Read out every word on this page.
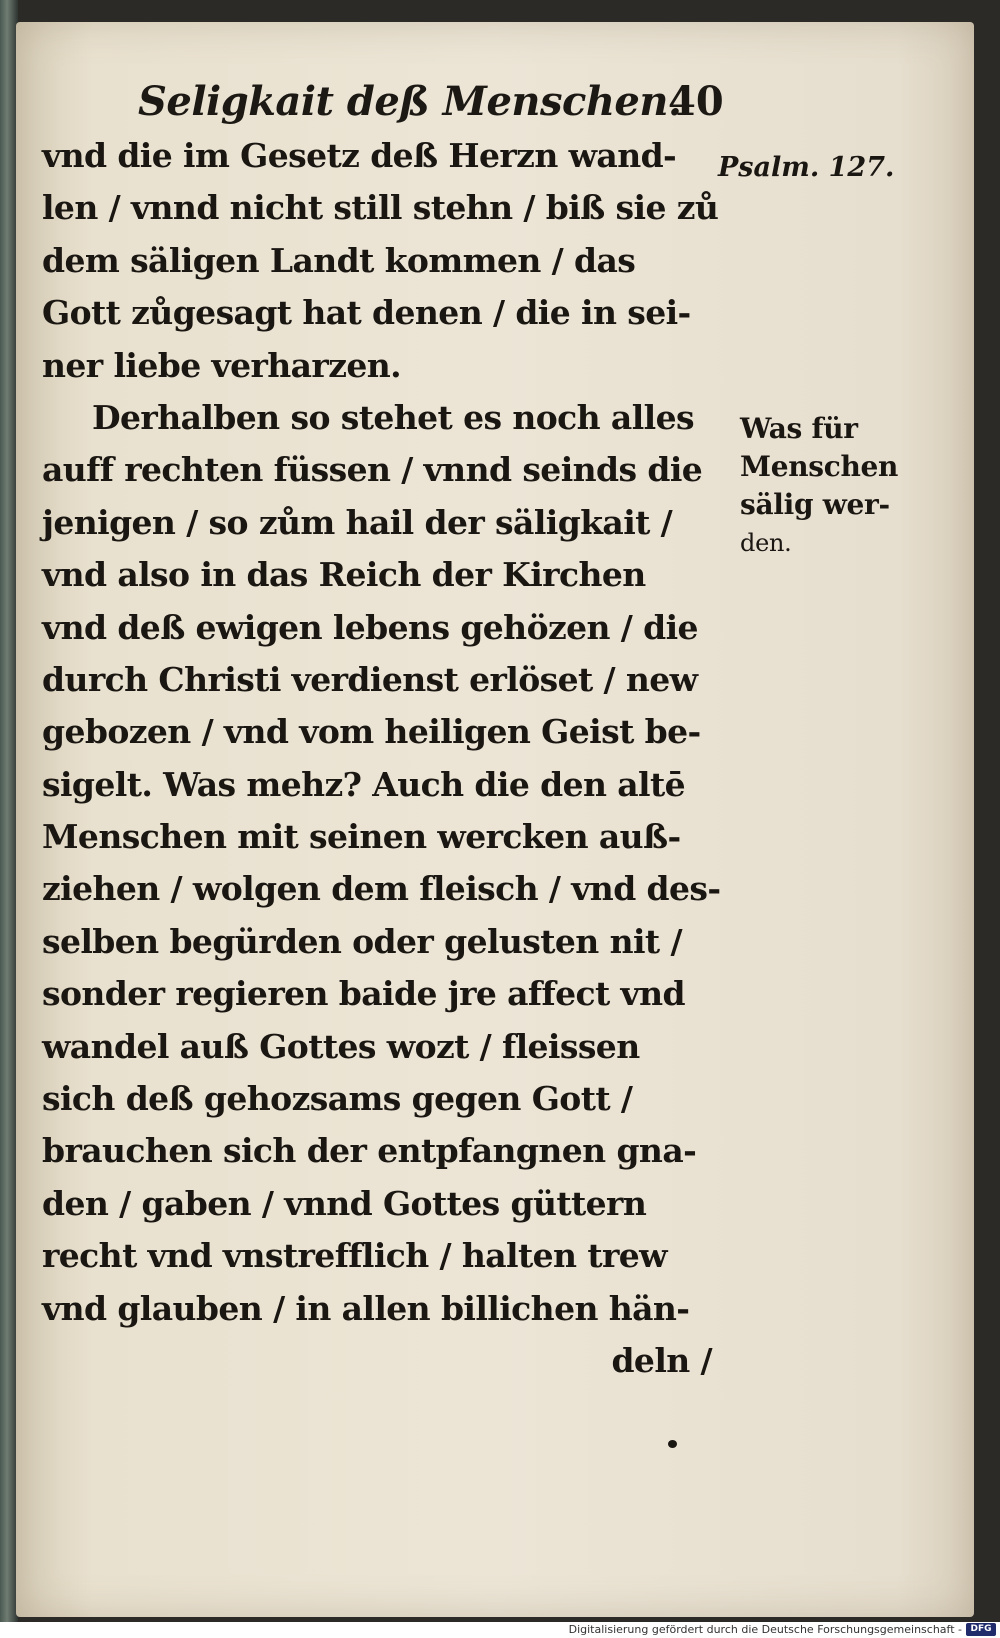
Seligkait deß Menschen.
40
vnd die im Gesetz deß Herzn wand-
len / vnnd nicht still stehn / biß sie zů
dem säligen Landt kommen / das
Gott zůgesagt hat denen / die in sei-
ner liebe verharzen.
Derhalben so stehet es noch alles
auff rechten füssen / vnnd seinds die
jenigen / so zům hail der säligkait /
vnd also in das Reich der Kirchen
vnd deß ewigen lebens gehözen / die
durch Christi verdienst erlöset / new
gebozen / vnd vom heiligen Geist be-
sigelt. Was mehz? Auch die den altē
Menschen mit seinen wercken auß-
ziehen / wolgen dem fleisch / vnd des-
selben begürden oder gelusten nit /
sonder regieren baide jre affect vnd
wandel auß Gottes wozt / fleissen
sich deß gehozsams gegen Gott /
brauchen sich der entpfangnen gna-
den / gaben / vnnd Gottes güttern
recht vnd vnstrefflich / halten trew
vnd glauben / in allen billichen hän-
deln /
Psalm. 127.
Was für
Menschen
sälig wer-
den.
Digitalisierung gefördert durch die Deutsche Forschungsgemeinschaft - DFG
